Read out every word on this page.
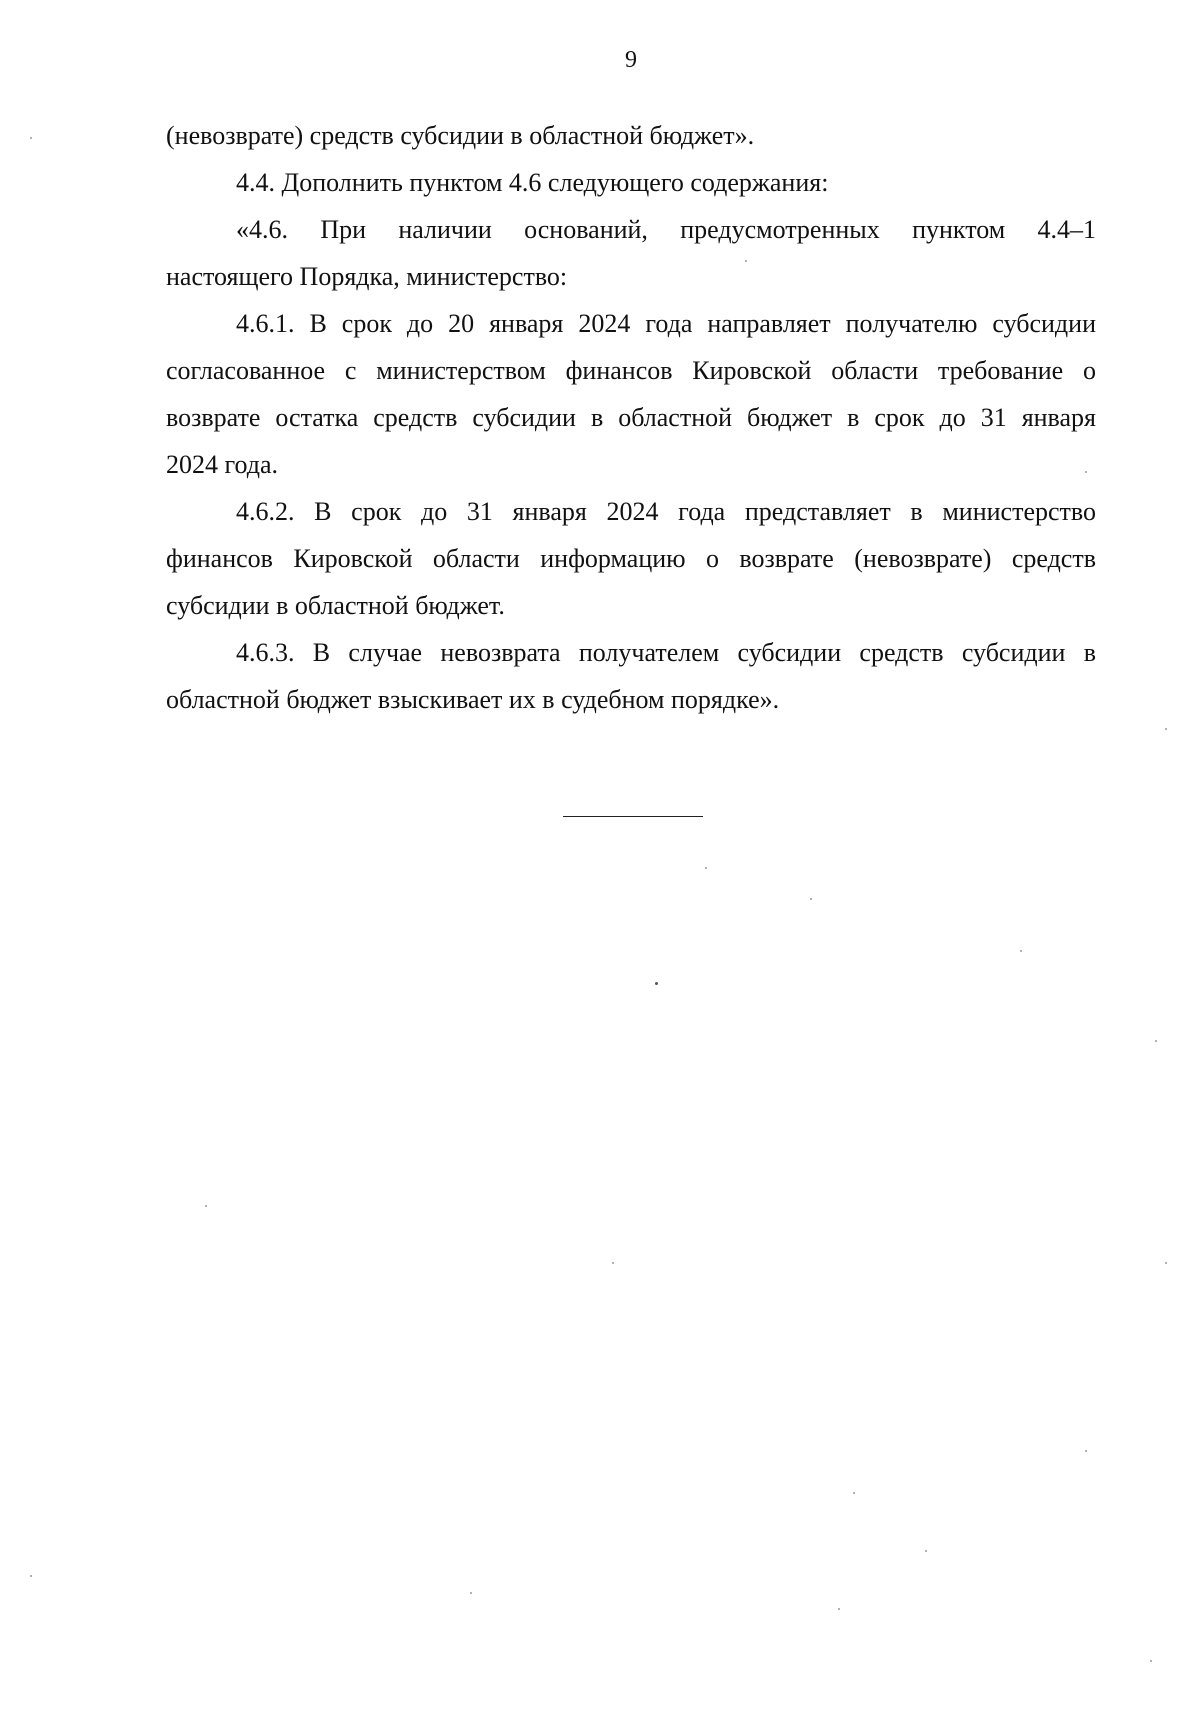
9
(невозврате) средств субсидии в областной бюджет».
4.4. Дополнить пунктом 4.6 следующего содержания:
«4.6. При наличии оснований, предусмотренных пунктом 4.4–1
настоящего Порядка, министерство:
4.6.1. В срок до 20 января 2024 года направляет получателю субсидии
согласованное с министерством финансов Кировской области требование о
возврате остатка средств субсидии в областной бюджет в срок до 31 января
2024 года.
4.6.2. В срок до 31 января 2024 года представляет в министерство
финансов Кировской области информацию о возврате (невозврате) средств
субсидии в областной бюджет.
4.6.3. В случае невозврата получателем субсидии средств субсидии в
областной бюджет взыскивает их в судебном порядке».
